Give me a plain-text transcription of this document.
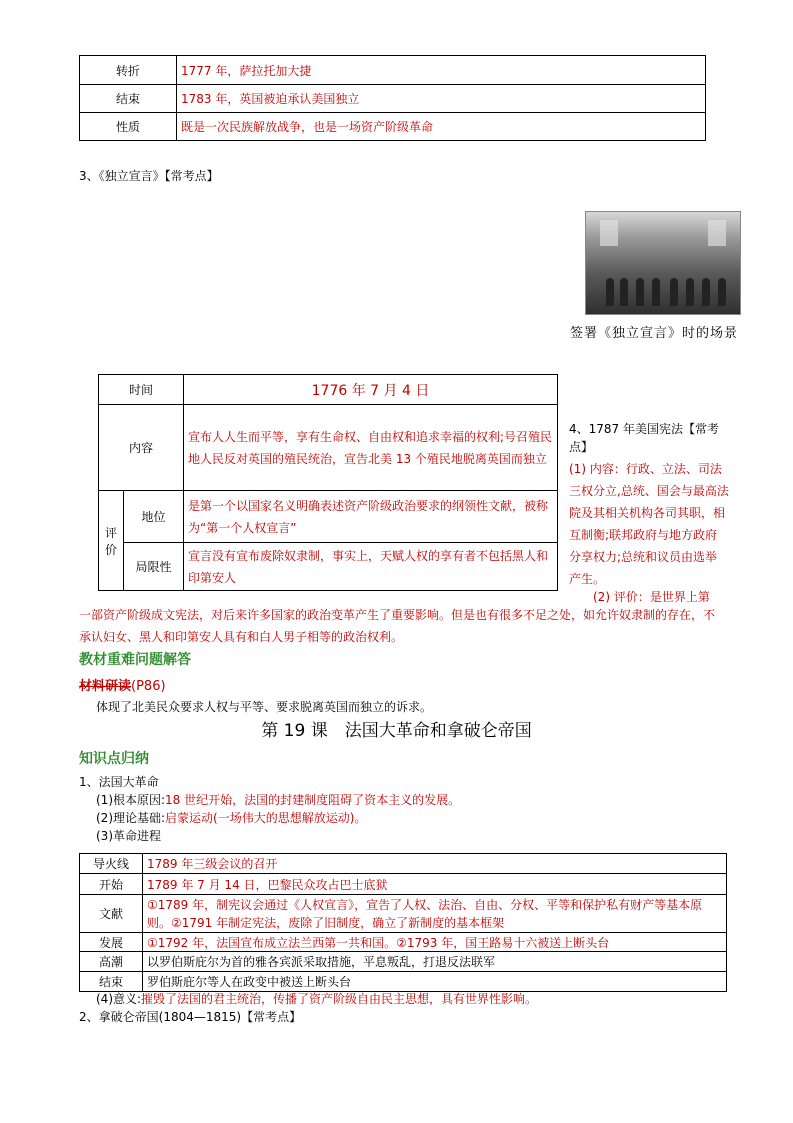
转折	1777 年，萨拉托加大捷
结束	1783 年，英国被迫承认美国独立
性质	既是一次民族解放战争，也是一场资产阶级革命
3、《独立宣言》【常考点】
签署《独立宣言》时的场景
时间		1776 年 7 月 4 日
内容		宣布人人生而平等，享有生命权、自由权和追求幸福的权利;号召殖民地人民反对英国的殖民统治，宣告北美 13 个殖民地脱离英国而独立
评价	地位	是第一个以国家名义明确表述资产阶级政治要求的纲领性文献，被称为“第一个人权宣言”
	局限性	宣言没有宣布废除奴隶制，事实上，天赋人权的享有者不包括黑人和印第安人
4、1787 年美国宪法【常考点】
(1) 内容：行政、立法、司法三权分立,总统、国会与最高法院及其相关机构各司其职，相互制衡;联邦政府与地方政府分享权力;总统和议员由选举产生。
(2) 评价：是世界上第
一部资产阶级成文宪法，对后来许多国家的政治变革产生了重要影响。但是也有很多不足之处，如允许奴隶制的存在，不承认妇女、黑人和印第安人具有和白人男子相等的政治权利。
教材重难问题解答
材料研读(P86)
体现了北美民众要求人权与平等、要求脱离英国而独立的诉求。
第 19 课　法国大革命和拿破仑帝国
知识点归纳
1、法国大革命
(1)根本原因:18 世纪开始，法国的封建制度阻碍了资本主义的发展。
(2)理论基础:启蒙运动(一场伟大的思想解放运动)。
(3)革命进程
导火线	1789 年三级会议的召开
开始	1789 年 7 月 14 日，巴黎民众攻占巴士底狱
文献	①1789 年，制宪议会通过《人权宣言》，宣告了人权、法治、自由、分权、平等和保护私有财产等基本原则。②1791 年制定宪法，废除了旧制度，确立了新制度的基本框架
发展	①1792 年，法国宣布成立法兰西第一共和国。②1793 年，国王路易十六被送上断头台
高潮	以罗伯斯庇尔为首的雅各宾派采取措施，平息叛乱，打退反法联军
结束	罗伯斯庇尔等人在政变中被送上断头台
(4)意义:摧毁了法国的君主统治，传播了资产阶级自由民主思想，具有世界性影响。
2、拿破仑帝国(1804—1815)【常考点】
